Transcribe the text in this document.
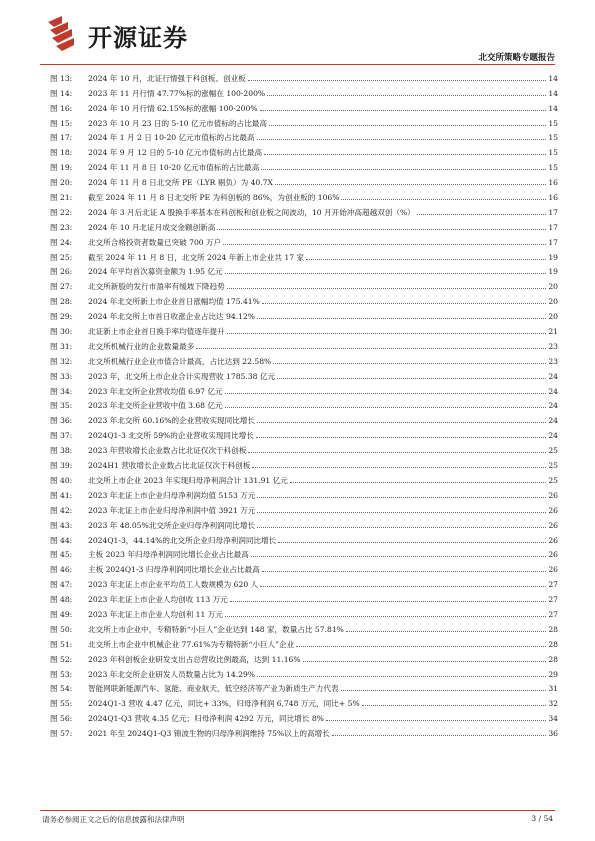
开源证券
北交所策略专题报告
图 13:	2024 年 10 月，北证行情强于科创板、创业板	14
图 14:	2023 年 11 月行情 47.77%标的涨幅在 100-200%	14
图 16:	2024 年 10 月行情 62.15%标的涨幅 100-200%	14
图 15:	2023 年 10 月 23 日的 5-10 亿元市值标的占比最高	15
图 17:	2024 年 1 月 2 日 10-20 亿元市值标的占比最高	15
图 18:	2024 年 9 月 12 日的 5-10 亿元市值标的占比最高	15
图 19:	2024 年 11 月 8 日 10-20 亿元市值标的占比最高	15
图 20:	2024 年 11 月 8 日北交所 PE（LYR 剔负）为 40.7X	16
图 21:	截至 2024 年 11 月 8 日北交所 PE 为科创板的 86%，为创业板的 106%	16
图 22:	2024 年 3 月后北证 A 股换手率基本在科创板和创业板之间波动，10 月开始冲高超越双创（%）	17
图 23:	2024 年 10 月北证月成交金额创新高	17
图 24:	北交所合格投资者数量已突破 700 万户	17
图 25:	截至 2024 年 11 月 8 日，北交所 2024 年新上市企业共 17 家	19
图 26:	2024 年平均首次募资金额为 1.95 亿元	19
图 27:	北交所新股的发行市盈率有缓坡下降趋势	20
图 28:	2024 年北交所新上市企业首日涨幅均值 175.41%	20
图 29:	2024 年北交所上市首日收涨企业占比达 94.12%	20
图 30:	北证新上市企业首日换手率均值逐年提升	21
图 31:	北交所机械行业的企业数量最多	23
图 32:	北交所机械行业企业市值合计最高，占比达到 22.58%	23
图 33:	2023 年，北交所上市企业合计实现营收 1785.38 亿元	24
图 34:	2023 年北交所企业营收均值 6.97 亿元	24
图 35:	2023 年北交所企业营收中值 3.68 亿元	24
图 36:	2023 年北交所 60.16%的企业营收实现同比增长	24
图 37:	2024Q1-3 北交所 59%的企业营收实现同比增长	24
图 38:	2023 年营收增长企业数占比北证仅次于科创板	25
图 39:	2024H1 营收增长企业数占比北证仅次于科创板	25
图 40:	北交所上市企业 2023 年实现归母净利润合计 131.91 亿元	25
图 41:	2023 年北证上市企业归母净利润均值 5153 万元	26
图 42:	2023 年北证上市企业归母净利润中值 3921 万元	26
图 43:	2023 年 48.05%北交所企业归母净利润同比增长	26
图 44:	2024Q1-3，44.14%的北交所企业归母净利润同比增长	26
图 45:	主板 2023 年归母净利润同比增长企业占比最高	26
图 46:	主板 2024Q1-3 归母净利润同比增长企业占比最高	26
图 47:	2023 年北证上市企业平均员工人数规模为 620 人	27
图 48:	2023 年北证上市企业人均创收 113 万元	27
图 49:	2023 年北证上市企业人均创利 11 万元	27
图 50:	北交所上市企业中，专精特新“小巨人”企业达到 148 家，数量占比 57.81%	28
图 51:	北交所上市企业中机械企业 77.61%为专精特新“小巨人”企业	28
图 52:	2023 年科创板企业研发支出占总营收比例最高，达到 11.16%	28
图 53:	2023 年北交所企业研发人员数量占比为 14.29%	29
图 54:	智能网联新能源汽车、氢能、商业航天、低空经济等产业为新质生产力代表	31
图 55:	2024Q1-3 营收 4.47 亿元，同比+ 33%，归母净利润 6,748 万元，同比+ 5%	32
图 56:	2024Q1-Q3 营收 4.35 亿元；归母净利润 4292 万元，同比增长 8%	34
图 57:	2021 年至 2024Q1-Q3 锦波生物的归母净利润维持 75%以上的高增长	36
请务必参阅正文之后的信息披露和法律声明	3 / 54
